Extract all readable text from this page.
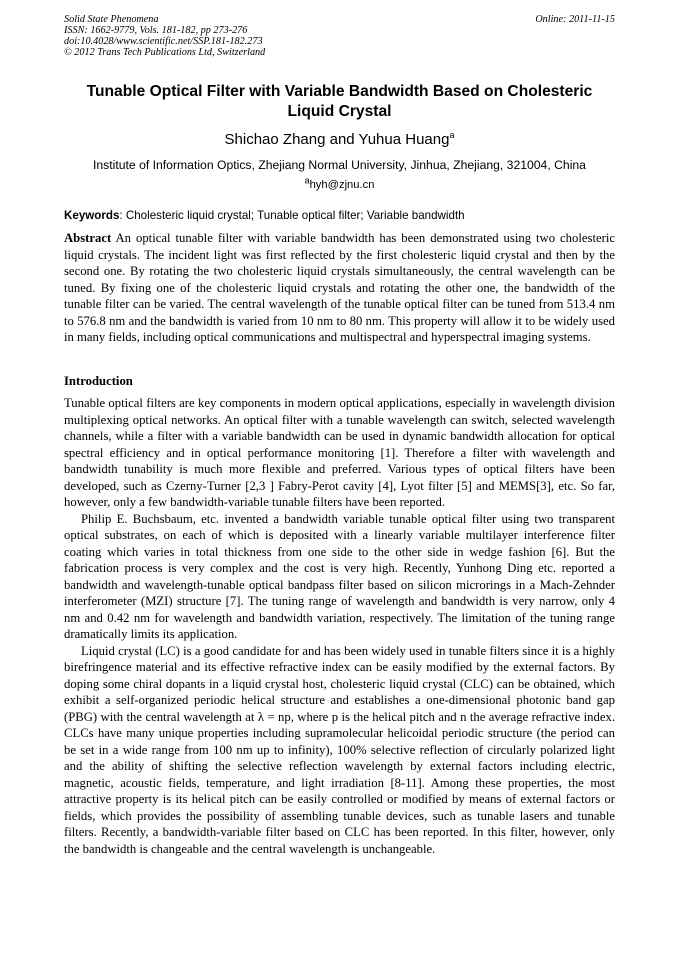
Solid State Phenomena
ISSN: 1662-9779, Vols. 181-182, pp 273-276
doi:10.4028/www.scientific.net/SSP.181-182.273
© 2012 Trans Tech Publications Ltd, Switzerland
Online: 2011-11-15
Tunable Optical Filter with Variable Bandwidth Based on Cholesteric Liquid Crystal
Shichao Zhang and Yuhua Huang$^a$
Institute of Information Optics, Zhejiang Normal University, Jinhua, Zhejiang, 321004, China
$^a$hyh@zjnu.cn
Keywords: Cholesteric liquid crystal; Tunable optical filter; Variable bandwidth
Abstract An optical tunable filter with variable bandwidth has been demonstrated using two cholesteric liquid crystals. The incident light was first reflected by the first cholesteric liquid crystal and then by the second one. By rotating the two cholesteric liquid crystals simultaneously, the central wavelength can be tuned. By fixing one of the cholesteric liquid crystals and rotating the other one, the bandwidth of the tunable filter can be varied. The central wavelength of the tunable optical filter can be tuned from 513.4 nm to 576.8 nm and the bandwidth is varied from 10 nm to 80 nm. This property will allow it to be widely used in many fields, including optical communications and multispectral and hyperspectral imaging systems.
Introduction

Tunable optical filters are key components in modern optical applications, especially in wavelength division multiplexing optical networks. An optical filter with a tunable wavelength can switch, selected wavelength channels, while a filter with a variable bandwidth can be used in dynamic bandwidth allocation for optical spectral efficiency and in optical performance monitoring [1]. Therefore a filter with wavelength and bandwidth tunability is much more flexible and preferred. Various types of optical filters have been developed, such as Czerny-Turner [2,3 ] Fabry-Perot cavity [4], Lyot filter [5] and MEMS[3], etc. So far, however, only a few bandwidth-variable tunable filters have been reported.

Philip E. Buchsbaum, etc. invented a bandwidth variable tunable optical filter using two transparent optical substrates, on each of which is deposited with a linearly variable multilayer interference filter coating which varies in total thickness from one side to the other side in wedge fashion [6]. But the fabrication process is very complex and the cost is very high. Recently, Yunhong Ding etc. reported a bandwidth and wavelength-tunable optical bandpass filter based on silicon microrings in a Mach-Zehnder interferometer (MZI) structure [7]. The tuning range of wavelength and bandwidth is very narrow, only 4 nm and 0.42 nm for wavelength and bandwidth variation, respectively. The limitation of the tuning range dramatically limits its application.

Liquid crystal (LC) is a good candidate for and has been widely used in tunable filters since it is a highly birefringence material and its effective refractive index can be easily modified by the external factors. By doping some chiral dopants in a liquid crystal host, cholesteric liquid crystal (CLC) can be obtained, which exhibit a self-organized periodic helical structure and establishes a one-dimensional photonic band gap (PBG) with the central wavelength at λ = np, where p is the helical pitch and n the average refractive index. CLCs have many unique properties including supramolecular helicoidal periodic structure (the period can be set in a wide range from 100 nm up to infinity), 100% selective reflection of circularly polarized light and the ability of shifting the selective reflection wavelength by external factors including electric, magnetic, acoustic fields, temperature, and light irradiation [8-11]. Among these properties, the most attractive property is its helical pitch can be easily controlled or modified by means of external factors or fields, which provides the possibility of assembling tunable devices, such as tunable lasers and tunable filters. Recently, a bandwidth-variable filter based on CLC has been reported. In this filter, however, only the bandwidth is changeable and the central wavelength is unchangeable.
